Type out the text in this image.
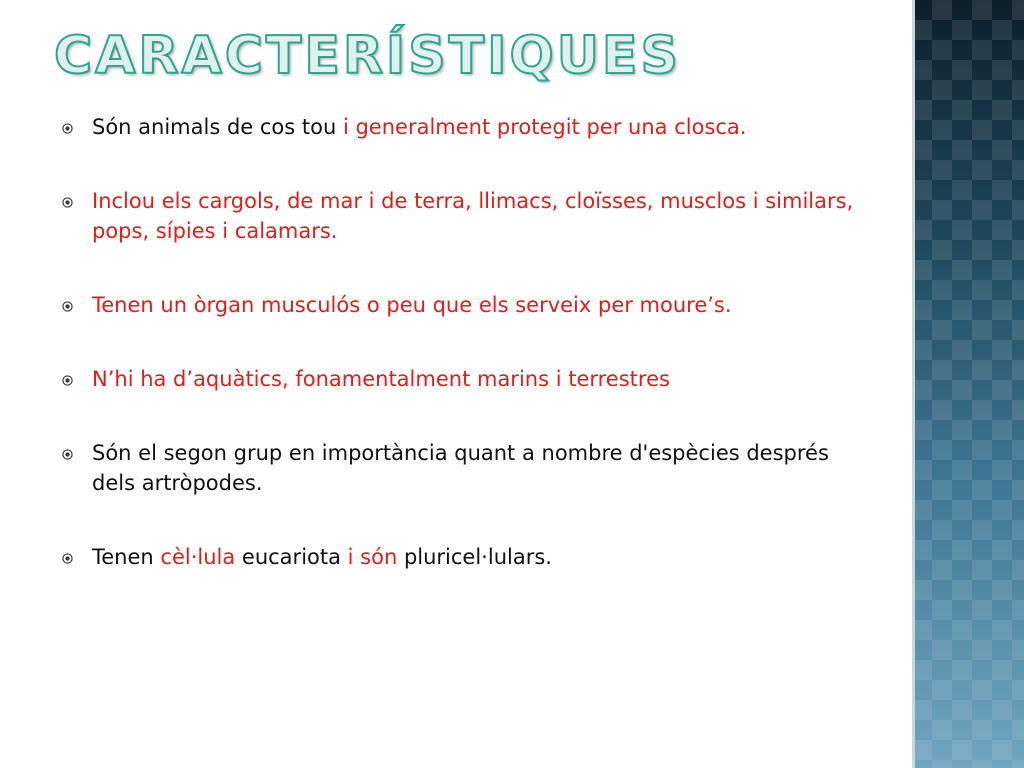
CARACTERÍSTIQUES
Són animals de cos tou i generalment protegit per una closca.
Inclou els cargols, de mar i de terra, llimacs, cloïsses, musclos i similars, pops, sípies i calamars.
Tenen un òrgan musculós o peu que els serveix per moure’s.
N’hi ha d’aquàtics, fonamentalment marins i terrestres
Són el segon grup en importància quant a nombre d'espècies després dels artròpodes.
Tenen cèl·lula eucariota i són pluricel·lulars.
